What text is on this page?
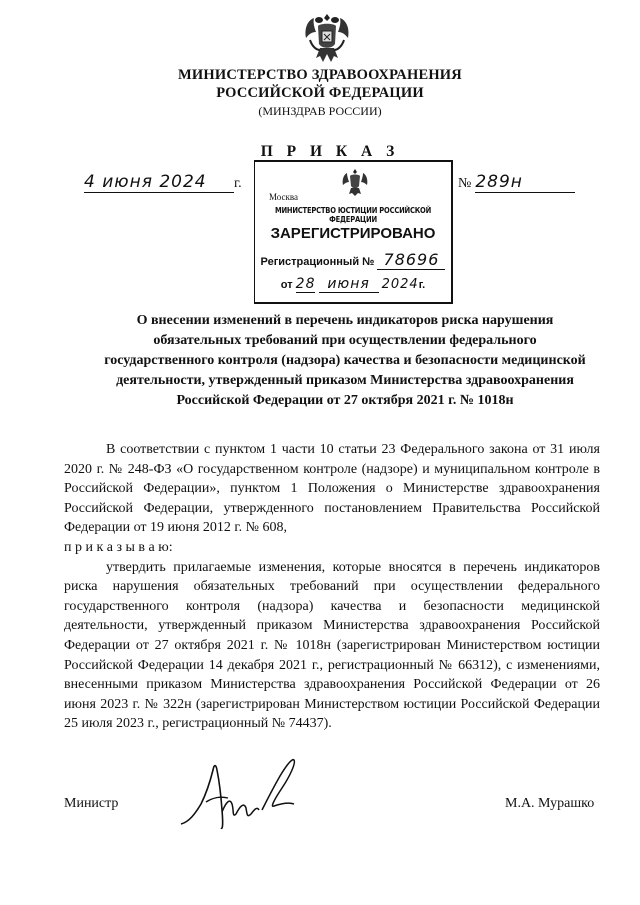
МИНИСТЕРСТВО ЗДРАВООХРАНЕНИЯ
РОССИЙСКОЙ ФЕДЕРАЦИИ
(МИНЗДРАВ РОССИИ)
П Р И К А З
4 июня 2024 г.	№ 289н
Москва
МИНИСТЕРСТВО ЮСТИЦИИ РОССИЙСКОЙ ФЕДЕРАЦИИ
ЗАРЕГИСТРИРОВАНО
Регистрационный № 78696
от 28 июня 2024г.
О внесении изменений в перечень индикаторов риска нарушения
обязательных требований при осуществлении федерального
государственного контроля (надзора) качества и безопасности медицинской
деятельности, утвержденный приказом Министерства здравоохранения
Российской Федерации от 27 октября 2021 г. № 1018н

В соответствии с пунктом 1 части 10 статьи 23 Федерального закона от 31 июля 2020 г. № 248-ФЗ «О государственном контроле (надзоре) и муниципальном контроле в Российской Федерации», пунктом 1 Положения о Министерстве здравоохранения Российской Федерации, утвержденного постановлением Правительства Российской Федерации от 19 июня 2012 г. № 608,

п р и к а з ы в а ю:

утвердить прилагаемые изменения, которые вносятся в перечень индикаторов риска нарушения обязательных требований при осуществлении федерального государственного контроля (надзора) качества и безопасности медицинской деятельности, утвержденный приказом Министерства здравоохранения Российской Федерации от 27 октября 2021 г. № 1018н (зарегистрирован Министерством юстиции Российской Федерации 14 декабря 2021 г., регистрационный № 66312), с изменениями, внесенными приказом Министерства здравоохранения Российской Федерации от 26 июня 2023 г. № 322н (зарегистрирован Министерством юстиции Российской Федерации 25 июля 2023 г., регистрационный № 74437).

Министр	М.А. Мурашко
